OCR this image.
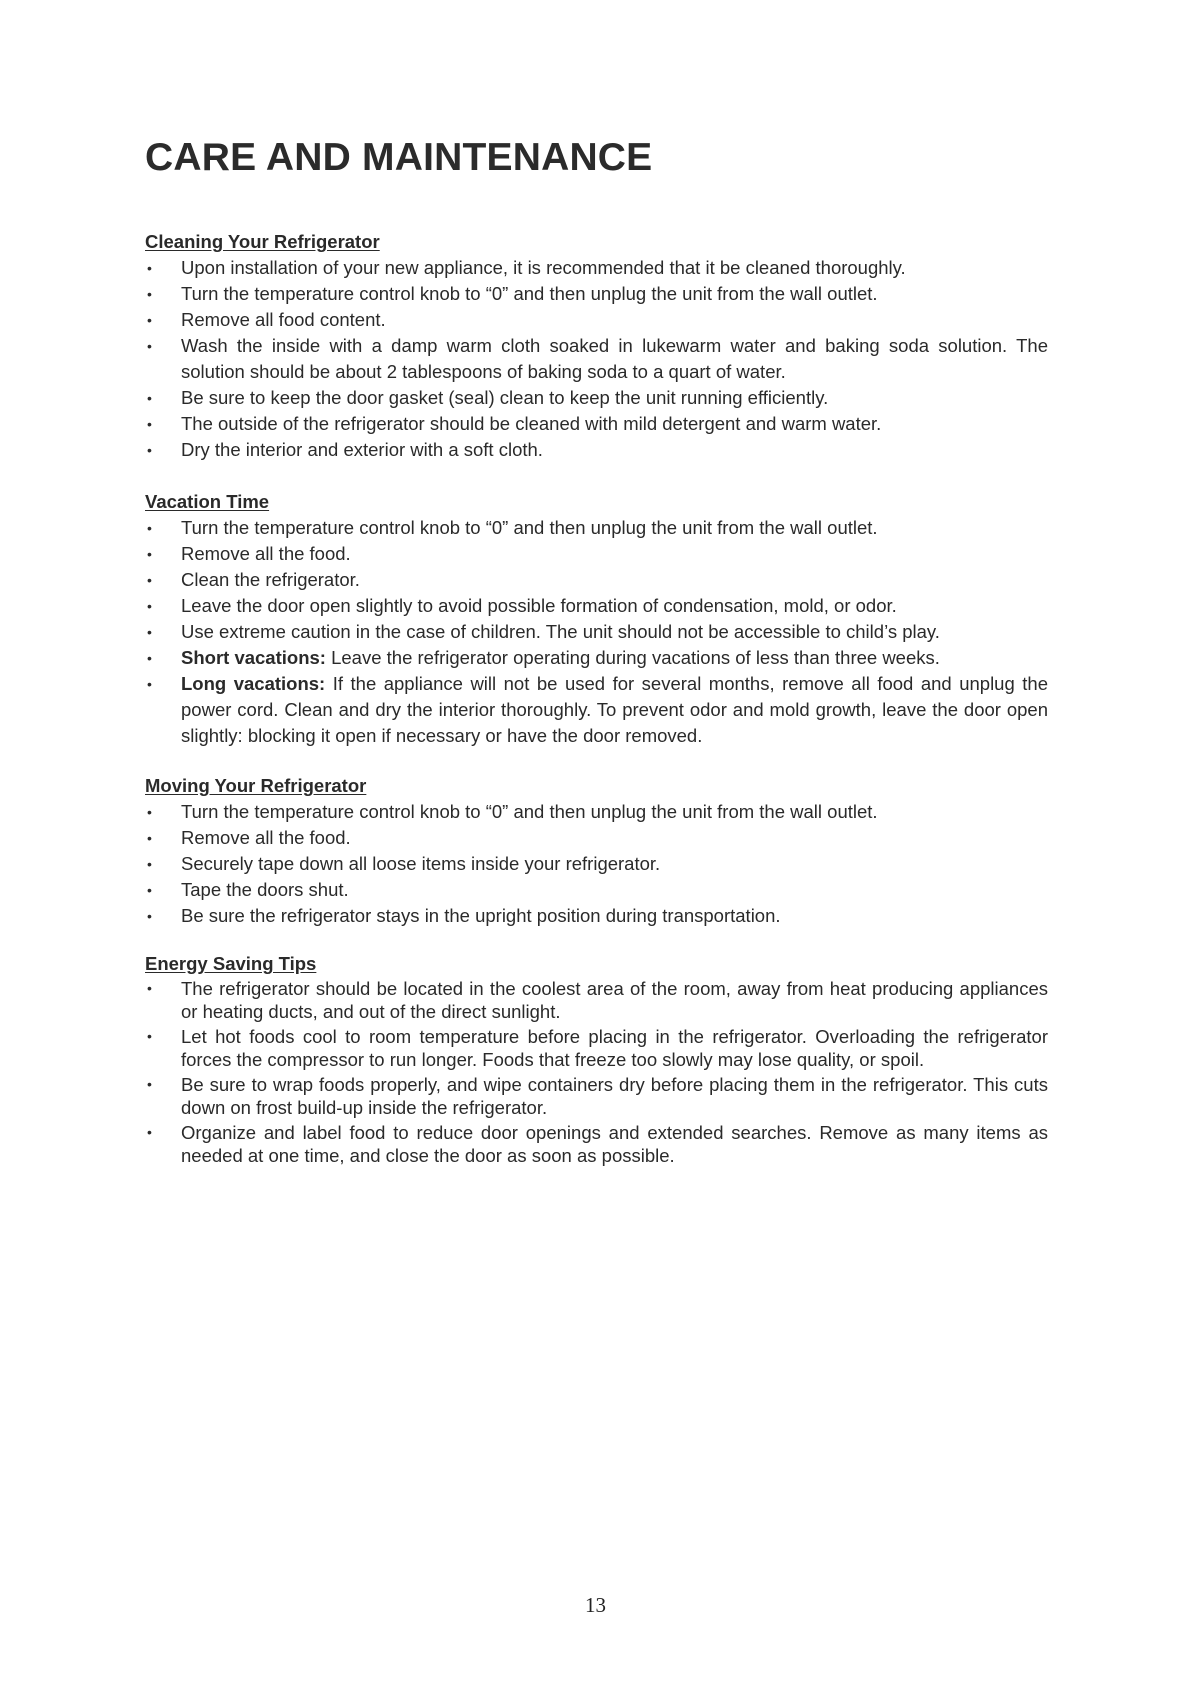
CARE AND MAINTENANCE
Cleaning Your Refrigerator
• Upon installation of your new appliance, it is recommended that it be cleaned thoroughly.
• Turn the temperature control knob to “0” and then unplug the unit from the wall outlet.
• Remove all food content.
• Wash the inside with a damp warm cloth soaked in lukewarm water and baking soda solution. The solution should be about 2 tablespoons of baking soda to a quart of water.
• Be sure to keep the door gasket (seal) clean to keep the unit running efficiently.
• The outside of the refrigerator should be cleaned with mild detergent and warm water.
• Dry the interior and exterior with a soft cloth.
Vacation Time
• Turn the temperature control knob to “0” and then unplug the unit from the wall outlet.
• Remove all the food.
• Clean the refrigerator.
• Leave the door open slightly to avoid possible formation of condensation, mold, or odor.
• Use extreme caution in the case of children. The unit should not be accessible to child’s play.
• Short vacations: Leave the refrigerator operating during vacations of less than three weeks.
• Long vacations: If the appliance will not be used for several months, remove all food and unplug the power cord. Clean and dry the interior thoroughly. To prevent odor and mold growth, leave the door open slightly: blocking it open if necessary or have the door removed.
Moving Your Refrigerator
• Turn the temperature control knob to “0” and then unplug the unit from the wall outlet.
• Remove all the food.
• Securely tape down all loose items inside your refrigerator.
• Tape the doors shut.
• Be sure the refrigerator stays in the upright position during transportation.
Energy Saving Tips
• The refrigerator should be located in the coolest area of the room, away from heat producing appliances or heating ducts, and out of the direct sunlight.
• Let hot foods cool to room temperature before placing in the refrigerator. Overloading the refrigerator forces the compressor to run longer. Foods that freeze too slowly may lose quality, or spoil.
• Be sure to wrap foods properly, and wipe containers dry before placing them in the refrigerator. This cuts down on frost build-up inside the refrigerator.
• Organize and label food to reduce door openings and extended searches. Remove as many items as needed at one time, and close the door as soon as possible.
13
